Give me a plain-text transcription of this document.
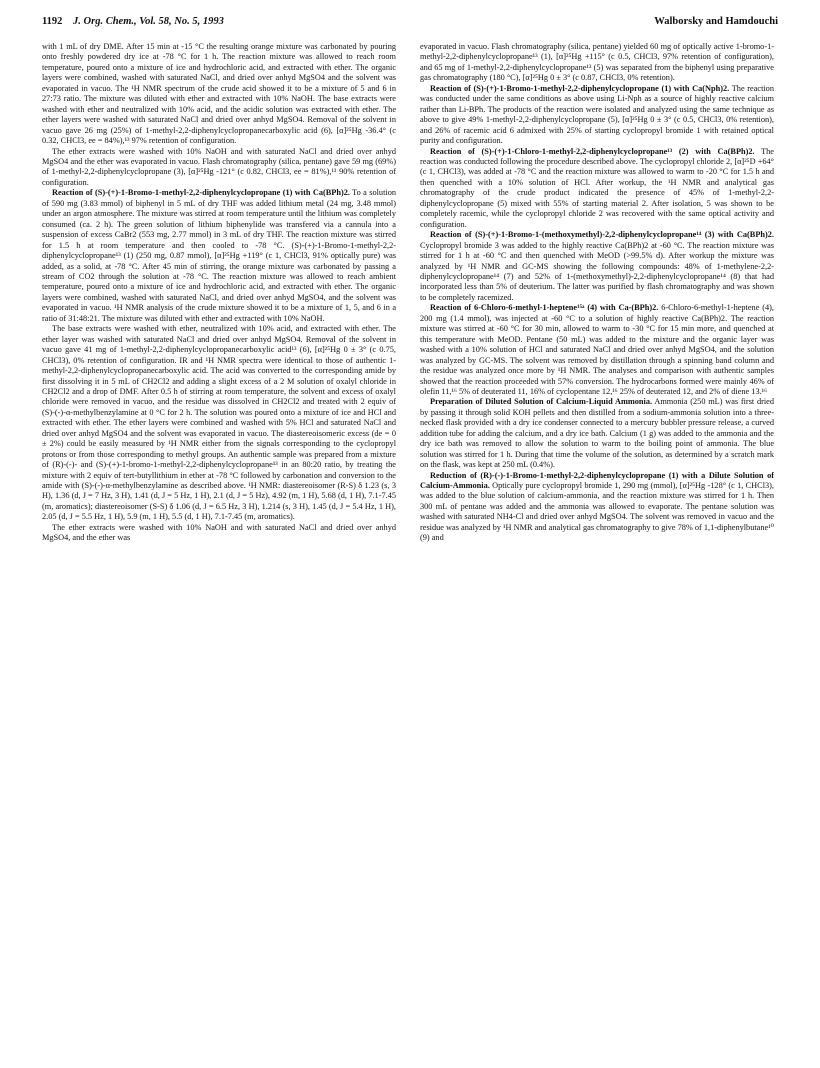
1192 J. Org. Chem., Vol. 58, No. 5, 1993	Walborsky and Hamdouchi

with 1 mL of dry DME. After 15 min at -15 °C the resulting orange mixture was carbonated by pouring onto freshly powdered dry ice at -78 °C for 1 h. The reaction mixture was allowed to reach room temperature, poured onto a mixture of ice and hydrochloric acid, and extracted with ether. The organic layers were combined, washed with saturated NaCl, and dried over anhyd MgSO4 and the solvent was evaporated in vacuo. The ¹H NMR spectrum of the crude acid showed it to be a mixture of 5 and 6 in 27:73 ratio. The mixture was diluted with ether and extracted with 10% NaOH. The base extracts were washed with ether and neutralized with 10% acid, and the acidic solution was extracted with ether. The ether layers were washed with saturated NaCl and dried over anhyd MgSO4. Removal of the solvent in vacuo gave 26 mg (25%) of 1-methyl-2,2-diphenylcyclopropanecarboxylic acid (6), [α]²⁵Hg -36.4° (c 0.32, CHCl3, ee = 84%),¹³ 97% retention of configuration.

The ether extracts were washed with 10% NaOH and with saturated NaCl and dried over anhyd MgSO4 and the ether was evaporated in vacuo. Flash chromatography (silica, pentane) gave 59 mg (69%) of 1-methyl-2,2-diphenylcyclopropane (3), [α]²⁵Hg -121° (c 0.82, CHCl3, ee = 81%),¹³ 90% retention of configuration.

Reaction of (S)-(+)-1-Bromo-1-methyl-2,2-diphenylcyclopropane (1) with Ca(BPh)2. To a solution of 590 mg (3.83 mmol) of biphenyl in 5 mL of dry THF was added lithium metal (24 mg, 3.48 mmol) under an argon atmosphere. The mixture was stirred at room temperature until the lithium was completely consumed (ca. 2 h). The green solution of lithium biphenylide was transfered via a cannula into a suspension of excess CaBr2 (553 mg, 2.77 mmol) in 3 mL of dry THF. The reaction mixture was stirred for 1.5 h at room temperature and then cooled to -78 °C. (S)-(+)-1-Bromo-1-methyl-2,2-diphenylcyclopropane¹³ (1) (250 mg, 0.87 mmol), [α]²⁵Hg +119° (c 1, CHCl3, 91% optically pure) was added, as a solid, at -78 °C. After 45 min of stirring, the orange mixture was carbonated by passing a stream of CO2 through the solution at -78 °C. The reaction mixture was allowed to reach ambient temperature, poured onto a mixture of ice and hydrochloric acid, and extracted with ether. The organic layers were combined, washed with saturated NaCl, and dried over anhyd MgSO4, and the solvent was evaporated in vacuo. ¹H NMR analysis of the crude mixture showed it to be a mixture of 1, 5, and 6 in a ratio of 31:48:21. The mixture was diluted with ether and extracted with 10% NaOH.

The base extracts were washed with ether, neutralized with 10% acid, and extracted with ether. The ether layer was washed with saturated NaCl and dried over anhyd MgSO4. Removal of the solvent in vacuo gave 41 mg of 1-methyl-2,2-diphenylcyclopropanecarboxylic acid¹³ (6), [α]²⁵Hg 0 ± 3° (c 0.75, CHCl3), 0% retention of configuration. IR and ¹H NMR spectra were identical to those of authentic 1-methyl-2,2-diphenylcyclopropanecarboxylic acid. The acid was converted to the corresponding amide by first dissolving it in 5 mL of CH2Cl2 and adding a slight excess of a 2 M solution of oxalyl chloride in CH2Cl2 and a drop of DMF. After 0.5 h of stirring at room temperature, the solvent and excess of oxalyl chloride were removed in vacuo, and the residue was dissolved in CH2Cl2 and treated with 2 equiv of (S)-(-)-α-methylbenzylamine at 0 °C for 2 h. The solution was poured onto a mixture of ice and HCl and extracted with ether. The ether layers were combined and washed with 5% HCl and saturated NaCl and dried over anhyd MgSO4 and the solvent was evaporated in vacuo. The diastereoisomeric excess (de = 0 ± 2%) could be easily measured by ¹H NMR either from the signals corresponding to the cyclopropyl protons or from those corresponding to methyl groups. An authentic sample was prepared from a mixture of (R)-(-)- and (S)-(+)-1-bromo-1-methyl-2,2-diphenylcyclopropane¹³ in an 80:20 ratio, by treating the mixture with 2 equiv of tert-butyllithium in ether at -78 °C followed by carbonation and conversion to the amide with (S)-(-)-α-methylbenzylamine as described above. ¹H NMR: diastereoisomer (R-S) δ 1.23 (s, 3 H), 1.36 (d, J = 7 Hz, 3 H), 1.41 (d, J = 5 Hz, 1 H), 2.1 (d, J = 5 Hz), 4.92 (m, 1 H), 5.68 (d, 1 H), 7.1-7.45 (m, aromatics); diastereoisomer (S-S) δ 1.06 (d, J = 6.5 Hz, 3 H), 1.214 (s, 3 H), 1.45 (d, J = 5.4 Hz, 1 H), 2.05 (d, J = 5.5 Hz, 1 H), 5.9 (m, 1 H), 5.5 (d, 1 H), 7.1-7.45 (m, aromatics).

The ether extracts were washed with 10% NaOH and with saturated NaCl and dried over anhyd MgSO4, and the ether was

evaporated in vacuo. Flash chromatography (silica, pentane) yielded 60 mg of optically active 1-bromo-1-methyl-2,2-diphenylcyclopropane¹³ (1), [α]²⁵Hg +115° (c 0.5, CHCl3, 97% retention of configuration), and 65 mg of 1-methyl-2,2-diphenylcyclopropane¹³ (5) was separated from the biphenyl using preparative gas chromatography (180 °C), [α]²⁵Hg 0 ± 3° (c 0.87, CHCl3, 0% retention).

Reaction of (S)-(+)-1-Bromo-1-methyl-2,2-diphenylcyclopropane (1) with Ca(Nph)2. The reaction was conducted under the same conditions as above using Li-Nph as a source of highly reactive calcium rather than Li-BPh. The products of the reaction were isolated and analyzed using the same technique as above to give 49% 1-methyl-2,2-diphenylcyclopropane (5), [α]²⁵Hg 0 ± 3° (c 0.5, CHCl3, 0% retention), and 26% of racemic acid 6 admixed with 25% of starting cyclopropyl bromide 1 with retained optical purity and configuration.

Reaction of (S)-(+)-1-Chloro-1-methyl-2,2-diphenylcyclopropane¹³ (2) with Ca(BPh)2. The reaction was conducted following the procedure described above. The cyclopropyl chloride 2, [α]²⁵D +64° (c 1, CHCl3), was added at -78 °C and the reaction mixture was allowed to warm to -20 °C for 1.5 h and then quenched with a 10% solution of HCl. After workup, the ¹H NMR and analytical gas chromatography of the crude product indicated the presence of 45% of 1-methyl-2,2-diphenylcyclopropane (5) mixed with 55% of starting material 2. After isolation, 5 was shown to be completely racemic, while the cyclopropyl chloride 2 was recovered with the same optical activity and configuration.

Reaction of (S)-(+)-1-Bromo-1-(methoxymethyl)-2,2-diphenylcyclopropane¹⁴ (3) with Ca(BPh)2. Cyclopropyl bromide 3 was added to the highly reactive Ca(BPh)2 at -60 °C. The reaction mixture was stirred for 1 h at -60 °C and then quenched with MeOD (>99.5% d). After workup the mixture was analyzed by ¹H NMR and GC-MS showing the following compounds: 48% of 1-methylene-2,2-diphenylcyclopropane¹⁴ (7) and 52% of 1-(methoxymethyl)-2,2-diphenylcyclopropane¹⁴ (8) that had incorporated less than 5% of deuterium. The latter was purified by flash chromatography and was shown to be completely racemized.

Reaction of 6-Chloro-6-methyl-1-heptene¹⁵ᵃ (4) with Ca-(BPh)2. 6-Chloro-6-methyl-1-heptene (4), 200 mg (1.4 mmol), was injected at -60 °C to a solution of highly reactive Ca(BPh)2. The reaction mixture was stirred at -60 °C for 30 min, allowed to warm to -30 °C for 15 min more, and quenched at this temperature with MeOD. Pentane (50 mL) was added to the mixture and the organic layer was washed with a 10% solution of HCl and saturated NaCl and dried over anhyd MgSO4, and the solution was analyzed by GC-MS. The solvent was removed by distillation through a spinning band column and the residue was analyzed once more by ¹H NMR. The analyses and comparison with authentic samples showed that the reaction proceeded with 57% conversion. The hydrocarbons formed were mainly 46% of olefin 11,¹⁶ 5% of deuterated 11, 16% of cyclopentane 12,¹⁶ 25% of deuterated 12, and 2% of diene 13.¹⁶

Preparation of Diluted Solution of Calcium-Liquid Ammonia. Ammonia (250 mL) was first dried by passing it through solid KOH pellets and then distilled from a sodium-ammonia solution into a three-necked flask provided with a dry ice condenser connected to a mercury bubbler pressure release, a curved addition tube for adding the calcium, and a dry ice bath. Calcium (1 g) was added to the ammonia and the dry ice bath was removed to allow the solution to warm to the boiling point of ammonia. The blue solution was stirred for 1 h. During that time the volume of the solution, as determined by a scratch mark on the flask, was kept at 250 mL (0.4%).

Reduction of (R)-(-)-1-Bromo-1-methyl-2,2-diphenylcyclopropane (1) with a Dilute Solution of Calcium-Ammonia. Optically pure cyclopropyl bromide 1, 290 mg (mmol), [α]²⁵Hg -128° (c 1, CHCl3), was added to the blue solution of calcium-ammonia, and the reaction mixture was stirred for 1 h. Then 300 mL of pentane was added and the ammonia was allowed to evaporate. The pentane solution was washed with saturated NH4-Cl and dried over anhyd MgSO4. The solvent was removed in vacuo and the residue was analyzed by ¹H NMR and analytical gas chromatography to give 78% of 1,1-diphenylbutane¹⁰ (9) and
